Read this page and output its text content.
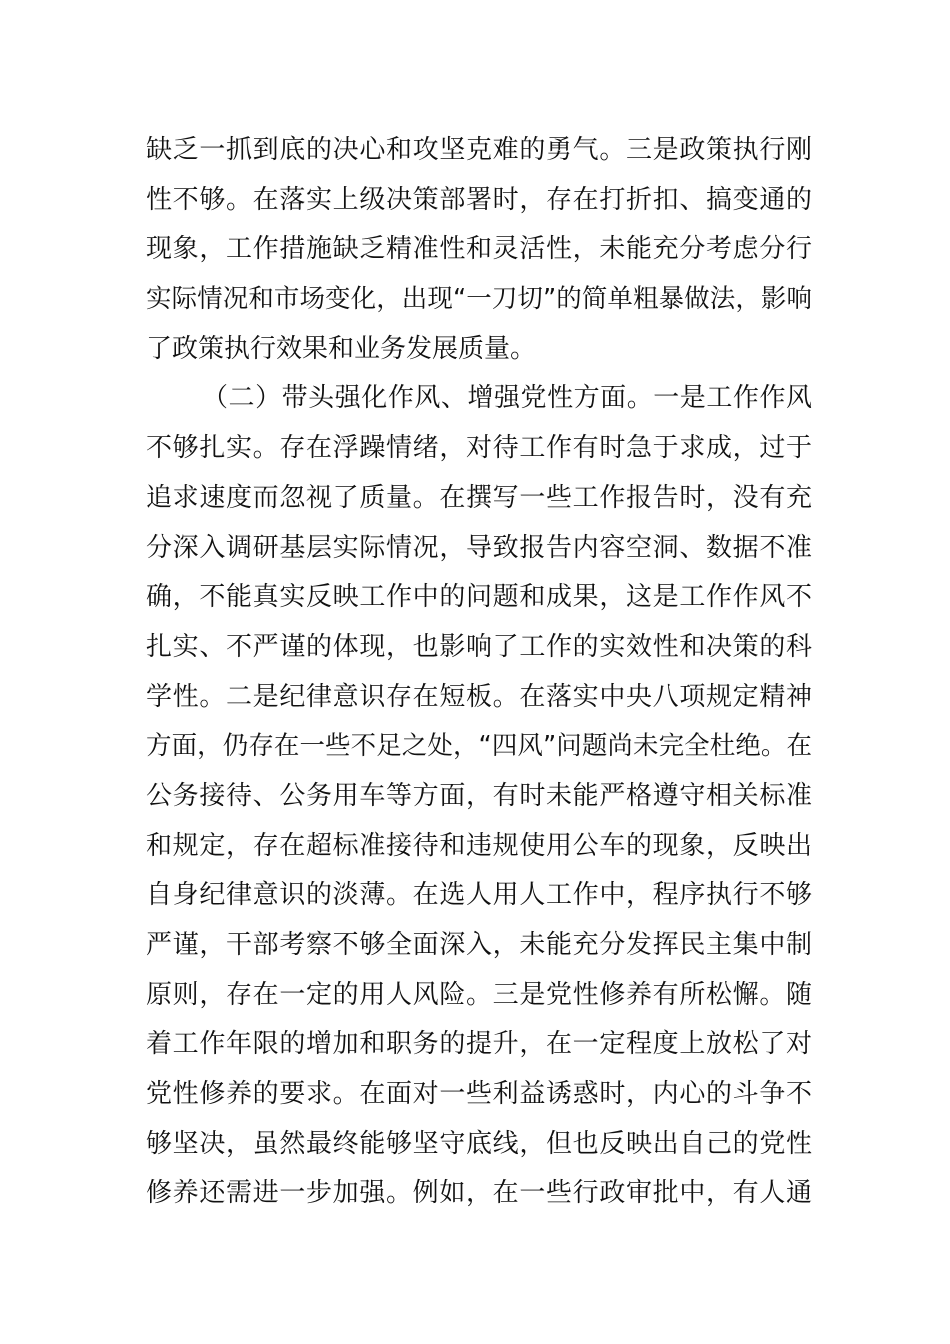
缺乏一抓到底的决心和攻坚克难的勇气。三是政策执行刚
性不够。在落实上级决策部署时，存在打折扣、搞变通的
现象，工作措施缺乏精准性和灵活性，未能充分考虑分行
实际情况和市场变化，出现“一刀切”的简单粗暴做法，影响
了政策执行效果和业务发展质量。
（二）带头强化作风、增强党性方面。一是工作作风
不够扎实。存在浮躁情绪，对待工作有时急于求成，过于
追求速度而忽视了质量。在撰写一些工作报告时，没有充
分深入调研基层实际情况，导致报告内容空洞、数据不准
确，不能真实反映工作中的问题和成果，这是工作作风不
扎实、不严谨的体现，也影响了工作的实效性和决策的科
学性。二是纪律意识存在短板。在落实中央八项规定精神
方面，仍存在一些不足之处，“四风”问题尚未完全杜绝。在
公务接待、公务用车等方面，有时未能严格遵守相关标准
和规定，存在超标准接待和违规使用公车的现象，反映出
自身纪律意识的淡薄。在选人用人工作中，程序执行不够
严谨，干部考察不够全面深入，未能充分发挥民主集中制
原则，存在一定的用人风险。三是党性修养有所松懈。随
着工作年限的增加和职务的提升，在一定程度上放松了对
党性修养的要求。在面对一些利益诱惑时，内心的斗争不
够坚决，虽然最终能够坚守底线，但也反映出自己的党性
修养还需进一步加强。例如，在一些行政审批中，有人通
